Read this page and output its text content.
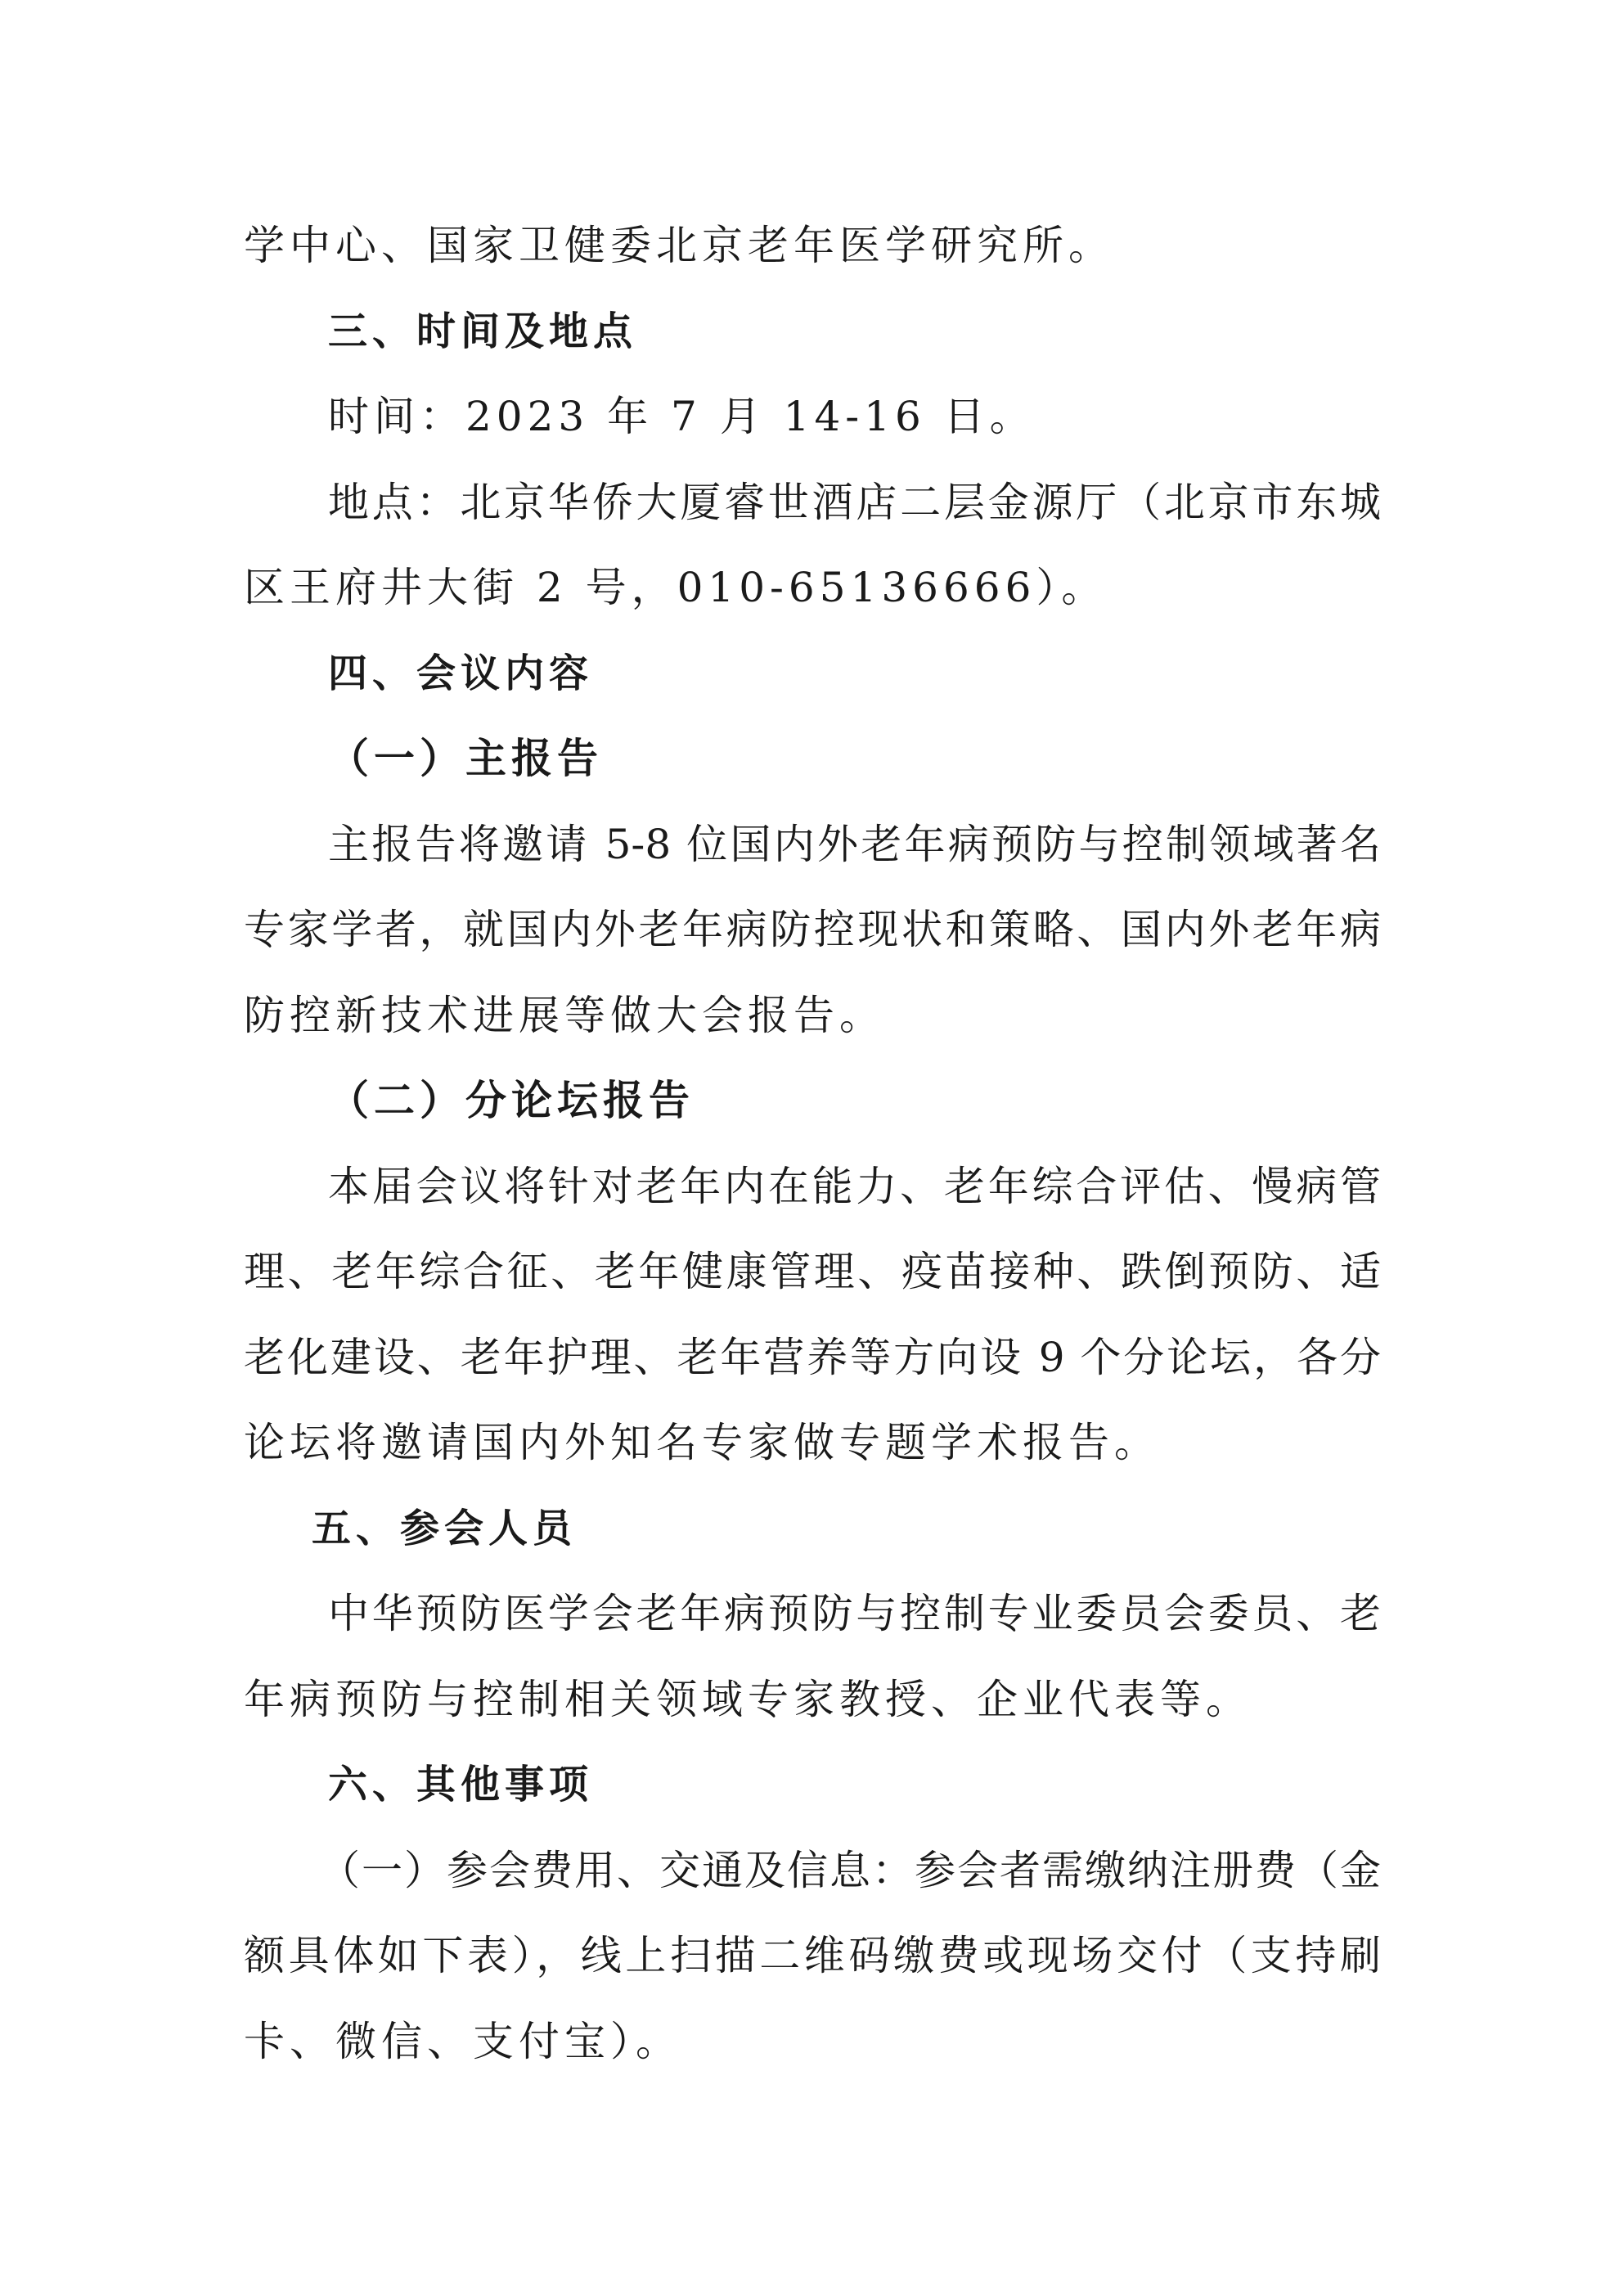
学中心、国家卫健委北京老年医学研究所。
三、时间及地点
时间：2023 年 7 月 14-16 日。
地点：北京华侨大厦睿世酒店二层金源厅（北京市东城
区王府井大街 2 号，010-65136666）。
四、会议内容
（一）主报告
主报告将邀请 5-8 位国内外老年病预防与控制领域著名
专家学者，就国内外老年病防控现状和策略、国内外老年病
防控新技术进展等做大会报告。
（二）分论坛报告
本届会议将针对老年内在能力、老年综合评估、慢病管
理、老年综合征、老年健康管理、疫苗接种、跌倒预防、适
老化建设、老年护理、老年营养等方向设 9 个分论坛，各分
论坛将邀请国内外知名专家做专题学术报告。
五、参会人员
中华预防医学会老年病预防与控制专业委员会委员、老
年病预防与控制相关领域专家教授、企业代表等。
六、其他事项
（一）参会费用、交通及信息：参会者需缴纳注册费（金
额具体如下表），线上扫描二维码缴费或现场交付（支持刷
卡、微信、支付宝）。
